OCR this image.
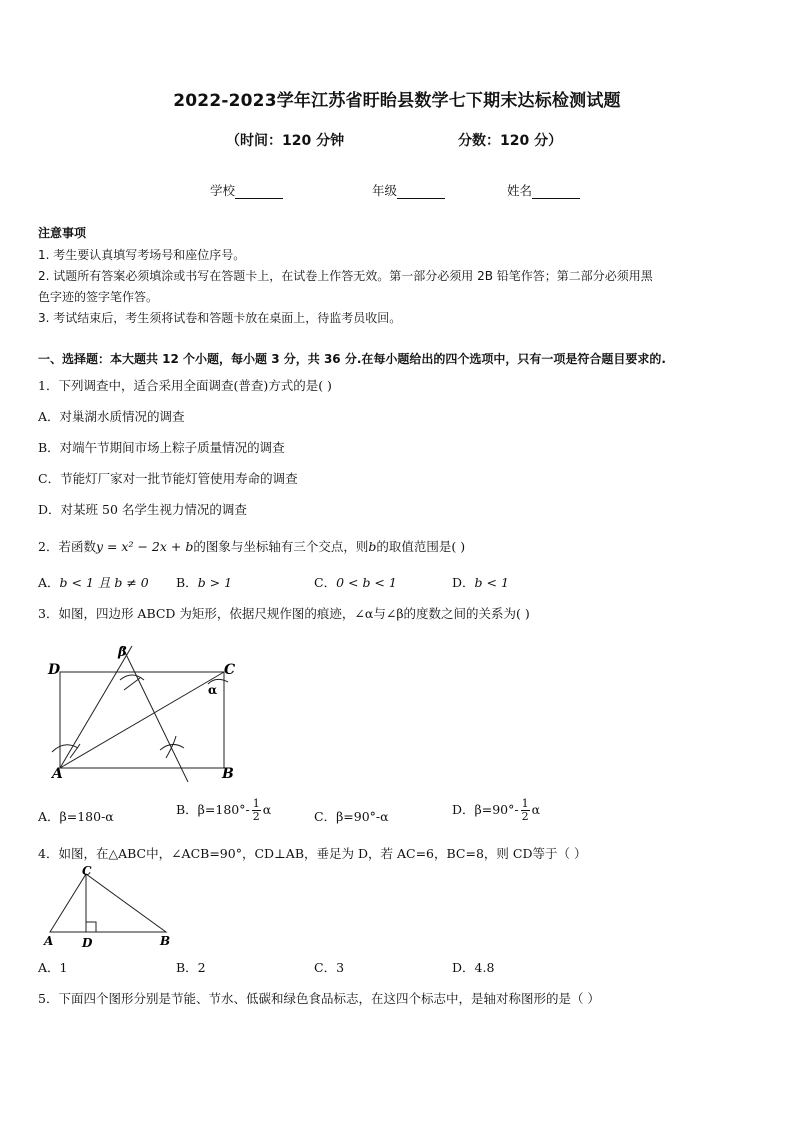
2022-2023学年江苏省盱眙县数学七下期末达标检测试题
（时间：120 分钟	分数：120 分）
学校	年级	姓名
注意事项
1. 考生要认真填写考场号和座位序号。
2. 试题所有答案必须填涂或书写在答题卡上，在试卷上作答无效。第一部分必须用 2B 铅笔作答；第二部分必须用黑
色字迹的签字笔作答。
3. 考试结束后，考生须将试卷和答题卡放在桌面上，待监考员收回。
一、选择题：本大题共 12 个小题，每小题 3 分，共 36 分.在每小题给出的四个选项中，只有一项是符合题目要求的.
1．下列调查中，适合采用全面调查(普查)方式的是( )
A．对巢湖水质情况的调查
B．对端午节期间市场上粽子质量情况的调查
C．节能灯厂家对一批节能灯管使用寿命的调查
D．对某班 50 名学生视力情况的调查
2．若函数y = x² − 2x + b的图象与坐标轴有三个交点，则b的取值范围是( )
A．b < 1 且 b ≠ 0 B．b > 1	C．0 < b < 1	D．b < 1
3．如图，四边形 ABCD 为矩形，依据尺规作图的痕迹，∠α与∠β的度数之间的关系为( )
D	C
A	B
α
β
A．β=180-α	B．$\beta=180^\circ- \frac{1}{2}$ α	C．β=90°-α	D．$\beta=90^\circ- \frac{1}{2}$ α
4．如图，在△ABC中，∠ACB=90°，CD⊥AB，垂足为 D，若 AC=6，BC=8，则 CD等于（ ）
C
A D	B
A．1	B．2	C．3	D．4.8
5．下面四个图形分别是节能、节水、低碳和绿色食品标志，在这四个标志中，是轴对称图形的是（ ）
